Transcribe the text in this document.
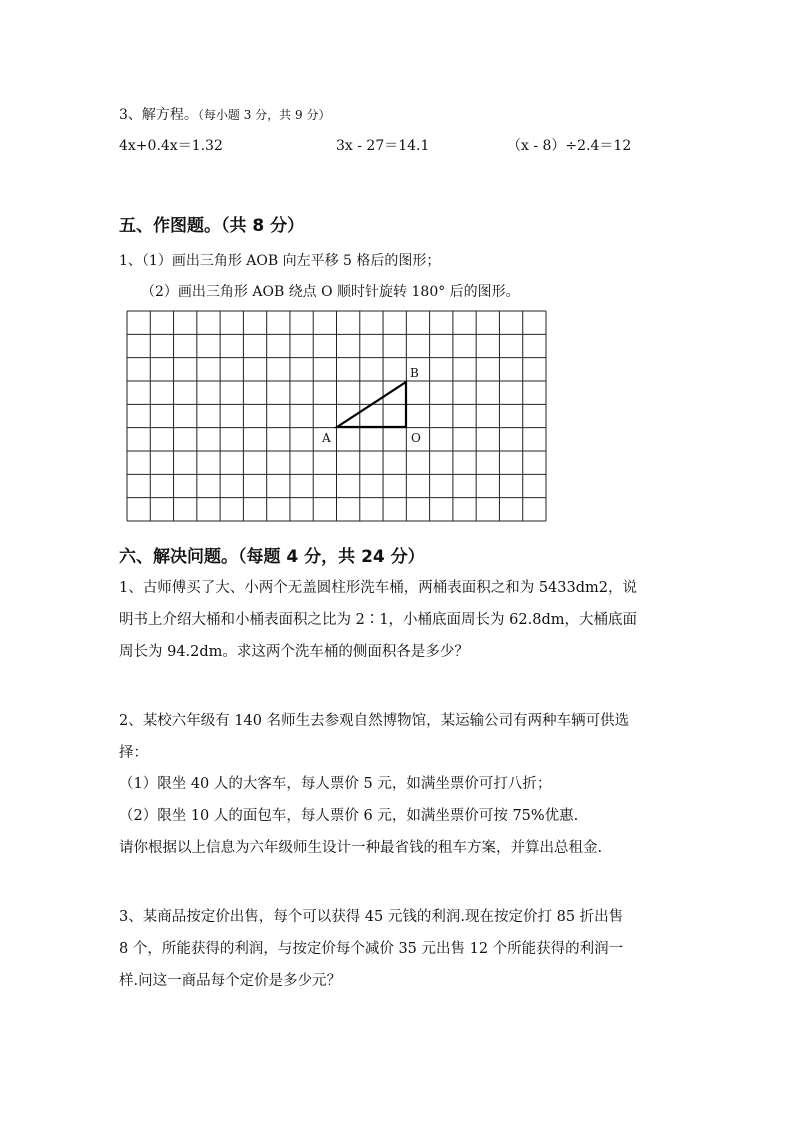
3、解方程。（每小题 3 分，共 9 分）
4x+0.4x＝1.32	3x - 27＝14.1	（x - 8）÷2.4＝12
五、作图题。（共 8 分）
1、（1）画出三角形 AOB 向左平移 5 格后的图形；
（2）画出三角形 AOB 绕点 O 顺时针旋转 180° 后的图形。
A
B
O
六、解决问题。（每题 4 分，共 24 分）
1、古师傅买了大、小两个无盖圆柱形洗车桶，两桶表面积之和为 5433dm2，说
明书上介绍大桶和小桶表面积之比为 2∶1，小桶底面周长为 62.8dm，大桶底面
周长为 94.2dm。求这两个洗车桶的侧面积各是多少？
2、某校六年级有 140 名师生去参观自然博物馆，某运输公司有两种车辆可供选
择：
（1）限坐 40 人的大客车，每人票价 5 元，如满坐票价可打八折；
（2）限坐 10 人的面包车，每人票价 6 元，如满坐票价可按 75%优惠.
请你根据以上信息为六年级师生设计一种最省钱的租车方案，并算出总租金.
3、某商品按定价出售，每个可以获得 45 元钱的利润.现在按定价打 85 折出售
8 个，所能获得的利润，与按定价每个减价 35 元出售 12 个所能获得的利润一
样.问这一商品每个定价是多少元？
